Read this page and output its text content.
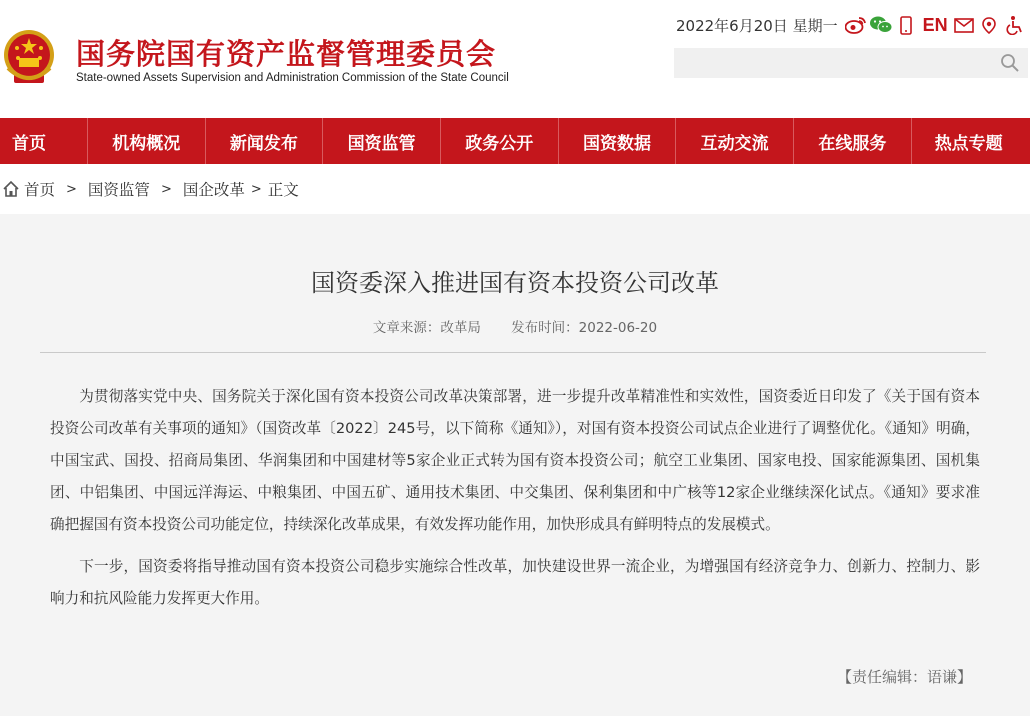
国务院国有资产监督管理委员会
State-owned Assets Supervision and Administration Commission of the State Council
2022年6月20日 星期一	EN
首页	机构概况	新闻发布	国资监管	政务公开	国资数据	互动交流	在线服务	热点专题
首页 > 国资监管 > 国企改革 > 正文
国资委深入推进国有资本投资公司改革
文章来源：改革局 发布时间：2022-06-20

为贯彻落实党中央、国务院关于深化国有资本投资公司改革决策部署，进一步提升改革精准性和实效性，国资委近日印发了《关于国有资本投资公司改革有关事项的通知》（国资改革〔2022〕245号，以下简称《通知》），对国有资本投资公司试点企业进行了调整优化。《通知》明确，中国宝武、国投、招商局集团、华润集团和中国建材等5家企业正式转为国有资本投资公司；航空工业集团、国家电投、国家能源集团、国机集团、中铝集团、中国远洋海运、中粮集团、中国五矿、通用技术集团、中交集团、保利集团和中广核等12家企业继续深化试点。《通知》要求准确把握国有资本投资公司功能定位，持续深化改革成果，有效发挥功能作用，加快形成具有鲜明特点的发展模式。

下一步，国资委将指导推动国有资本投资公司稳步实施综合性改革，加快建设世界一流企业，为增强国有经济竞争力、创新力、控制力、影响力和抗风险能力发挥更大作用。

【责任编辑：语谦】
